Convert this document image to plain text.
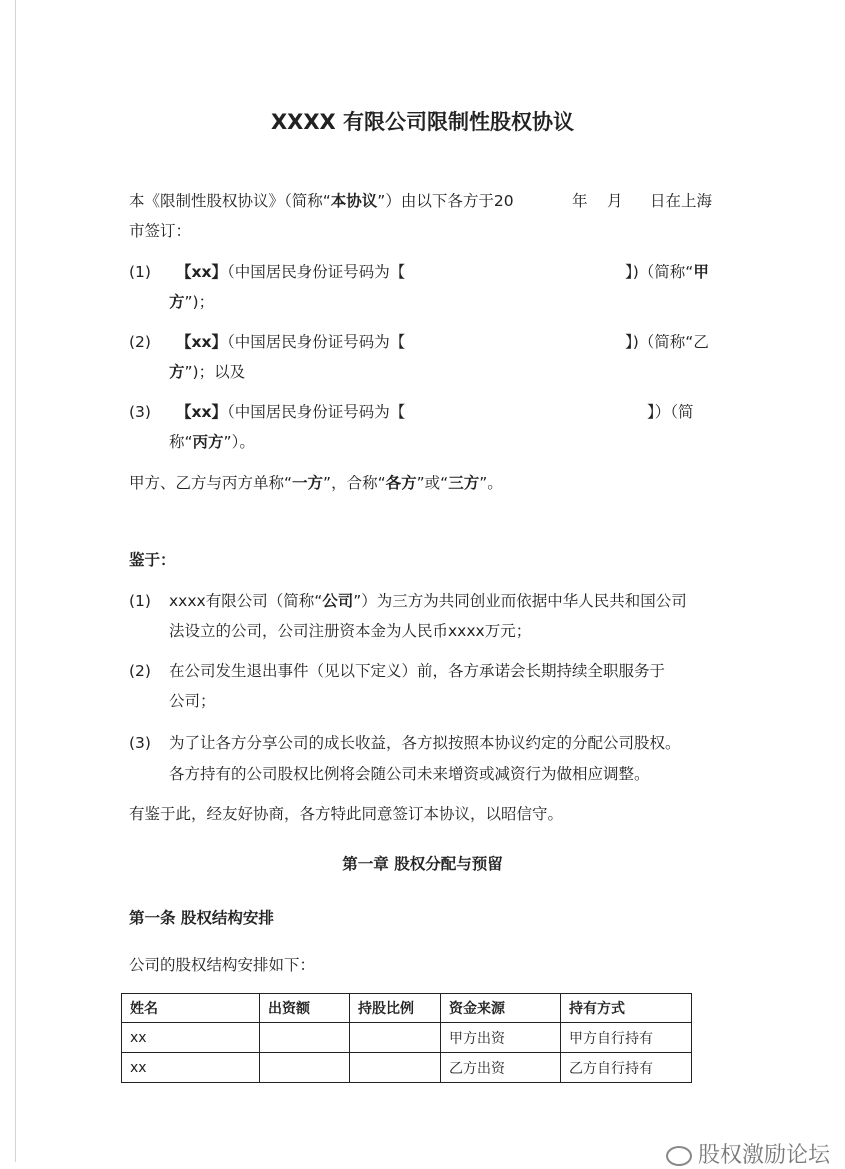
XXXX 有限公司限制性股权协议
本《限制性股权协议》（简称“本协议”）由以下各方于20	年 月 日在上海
市签订：
(1) 【xx】（中国居民身份证号码为【	】)（简称“甲
方”)；
(2) 【xx】（中国居民身份证号码为【	】)（简称“乙
方”)；以及
(3) 【xx】（中国居民身份证号码为【	】）（简
称“丙方”）。
甲方、乙方与丙方单称“一方”，合称“各方”或“三方”。
鉴于：
(1) xxxx有限公司（简称“公司”）为三方为共同创业而依据中华人民共和国公司
法设立的公司，公司注册资本金为人民币xxxx万元；
(2) 在公司发生退出事件（见以下定义）前，各方承诺会长期持续全职服务于
公司；
(3) 为了让各方分享公司的成长收益，各方拟按照本协议约定的分配公司股权。
各方持有的公司股权比例将会随公司未来增资或减资行为做相应调整。
有鉴于此，经友好协商，各方特此同意签订本协议，以昭信守。
第一章 股权分配与预留
第一条 股权结构安排
公司的股权结构安排如下：
姓名	出资额	持股比例	资金来源	持有方式
xx			甲方出资	甲方自行持有
xx			乙方出资	乙方自行持有
股权激励论坛
